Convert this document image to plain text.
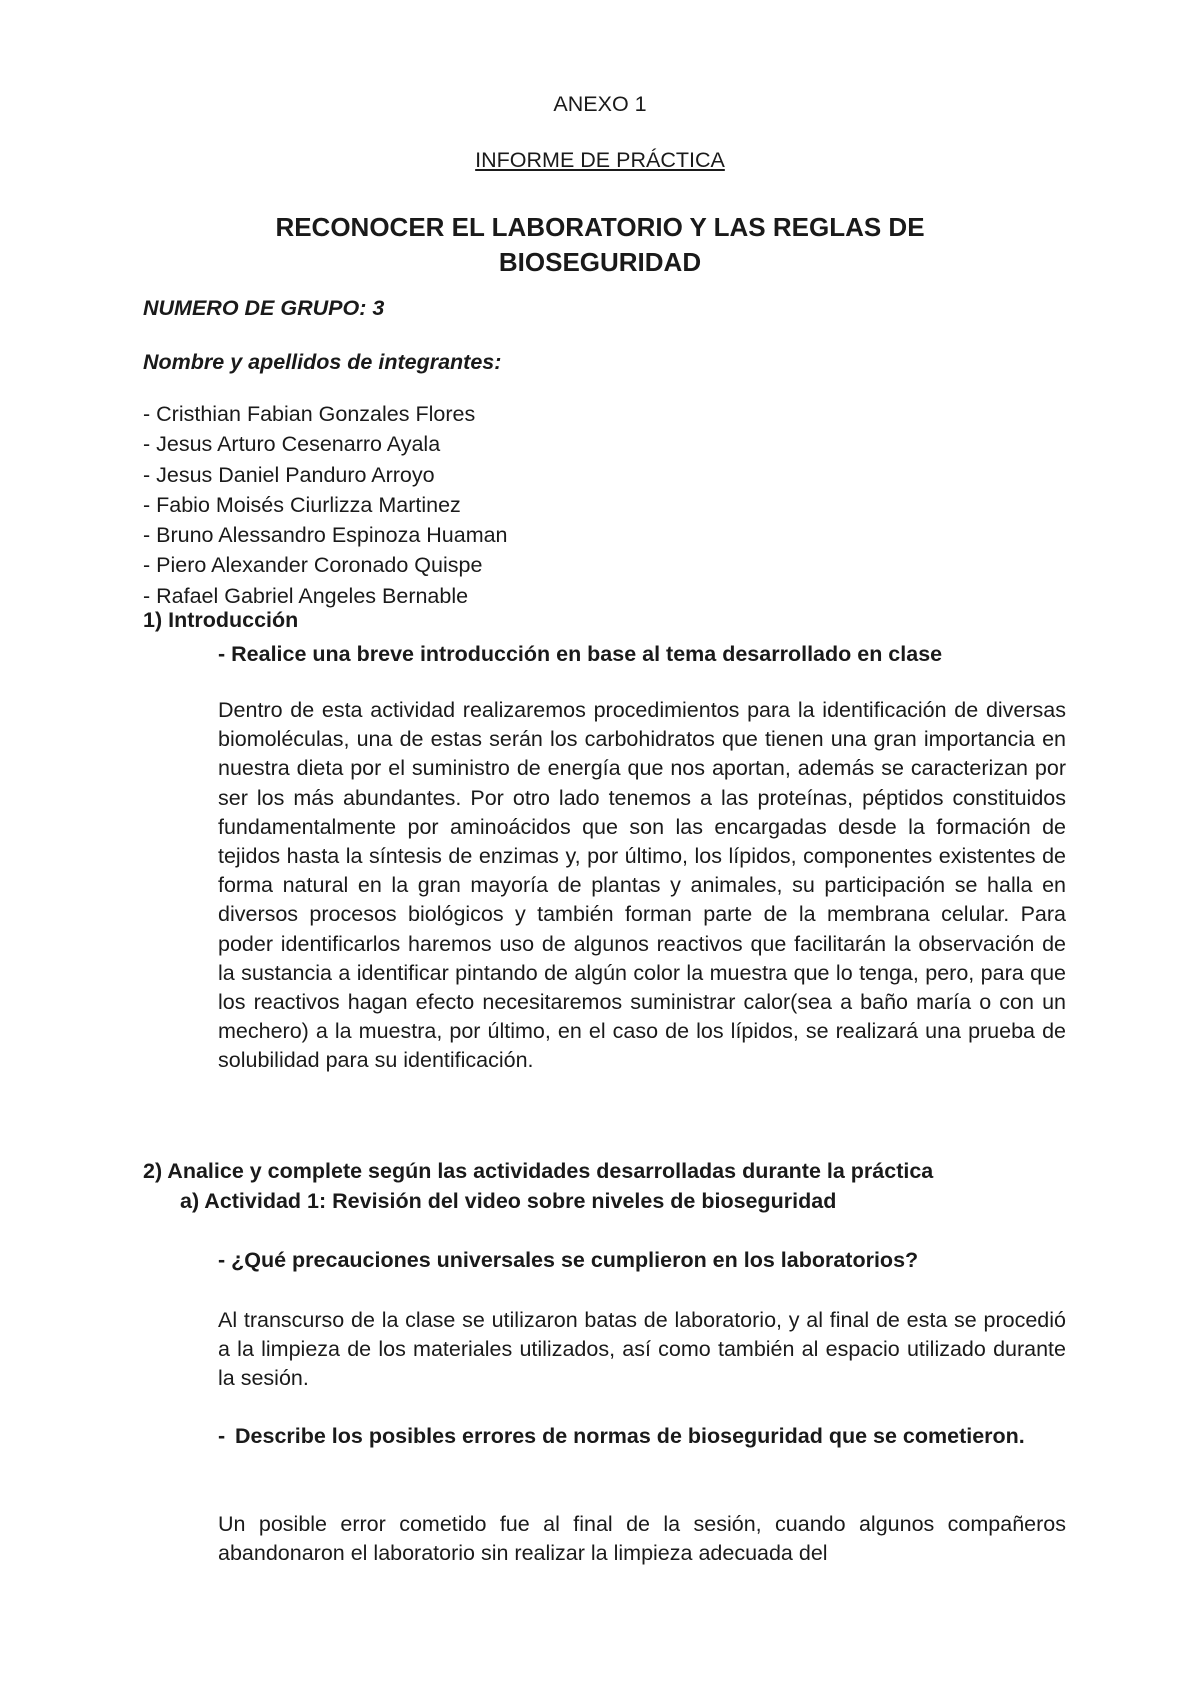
ANEXO 1
INFORME DE PRÁCTICA
RECONOCER EL LABORATORIO Y LAS REGLAS DE
BIOSEGURIDAD
NUMERO DE GRUPO: 3
Nombre y apellidos de integrantes:
- Cristhian Fabian Gonzales Flores
- Jesus Arturo Cesenarro Ayala
- Jesus Daniel Panduro Arroyo
- Fabio Moisés Ciurlizza Martinez
- Bruno Alessandro Espinoza Huaman
- Piero Alexander Coronado Quispe
- Rafael Gabriel Angeles Bernable
1) Introducción
- Realice una breve introducción en base al tema desarrollado en clase
Dentro de esta actividad realizaremos procedimientos para la identificación de diversas biomoléculas, una de estas serán los carbohidratos que tienen una gran importancia en nuestra dieta por el suministro de energía que nos aportan, además se caracterizan por ser los más abundantes. Por otro lado tenemos a las proteínas, péptidos constituidos fundamentalmente por aminoácidos que son las encargadas desde la formación de tejidos hasta la síntesis de enzimas y, por último, los lípidos, componentes existentes de forma natural en la gran mayoría de plantas y animales, su participación se halla en diversos procesos biológicos y también forman parte de la membrana celular. Para poder identificarlos haremos uso de algunos reactivos que facilitarán la observación de la sustancia a identificar pintando de algún color la muestra que lo tenga, pero, para que los reactivos hagan efecto necesitaremos suministrar calor(sea a baño maría o con un mechero) a la muestra, por último, en el caso de los lípidos, se realizará una prueba de solubilidad para su identificación.
2) Analice y complete según las actividades desarrolladas durante la práctica
a) Actividad 1: Revisión del video sobre niveles de bioseguridad
- ¿Qué precauciones universales se cumplieron en los laboratorios?
Al transcurso de la clase se utilizaron batas de laboratorio, y al final de esta se procedió a la limpieza de los materiales utilizados, así como también al espacio utilizado durante la sesión.
- Describe los posibles errores de normas de bioseguridad que se cometieron.
Un posible error cometido fue al final de la sesión, cuando algunos compañeros abandonaron el laboratorio sin realizar la limpieza adecuada del
